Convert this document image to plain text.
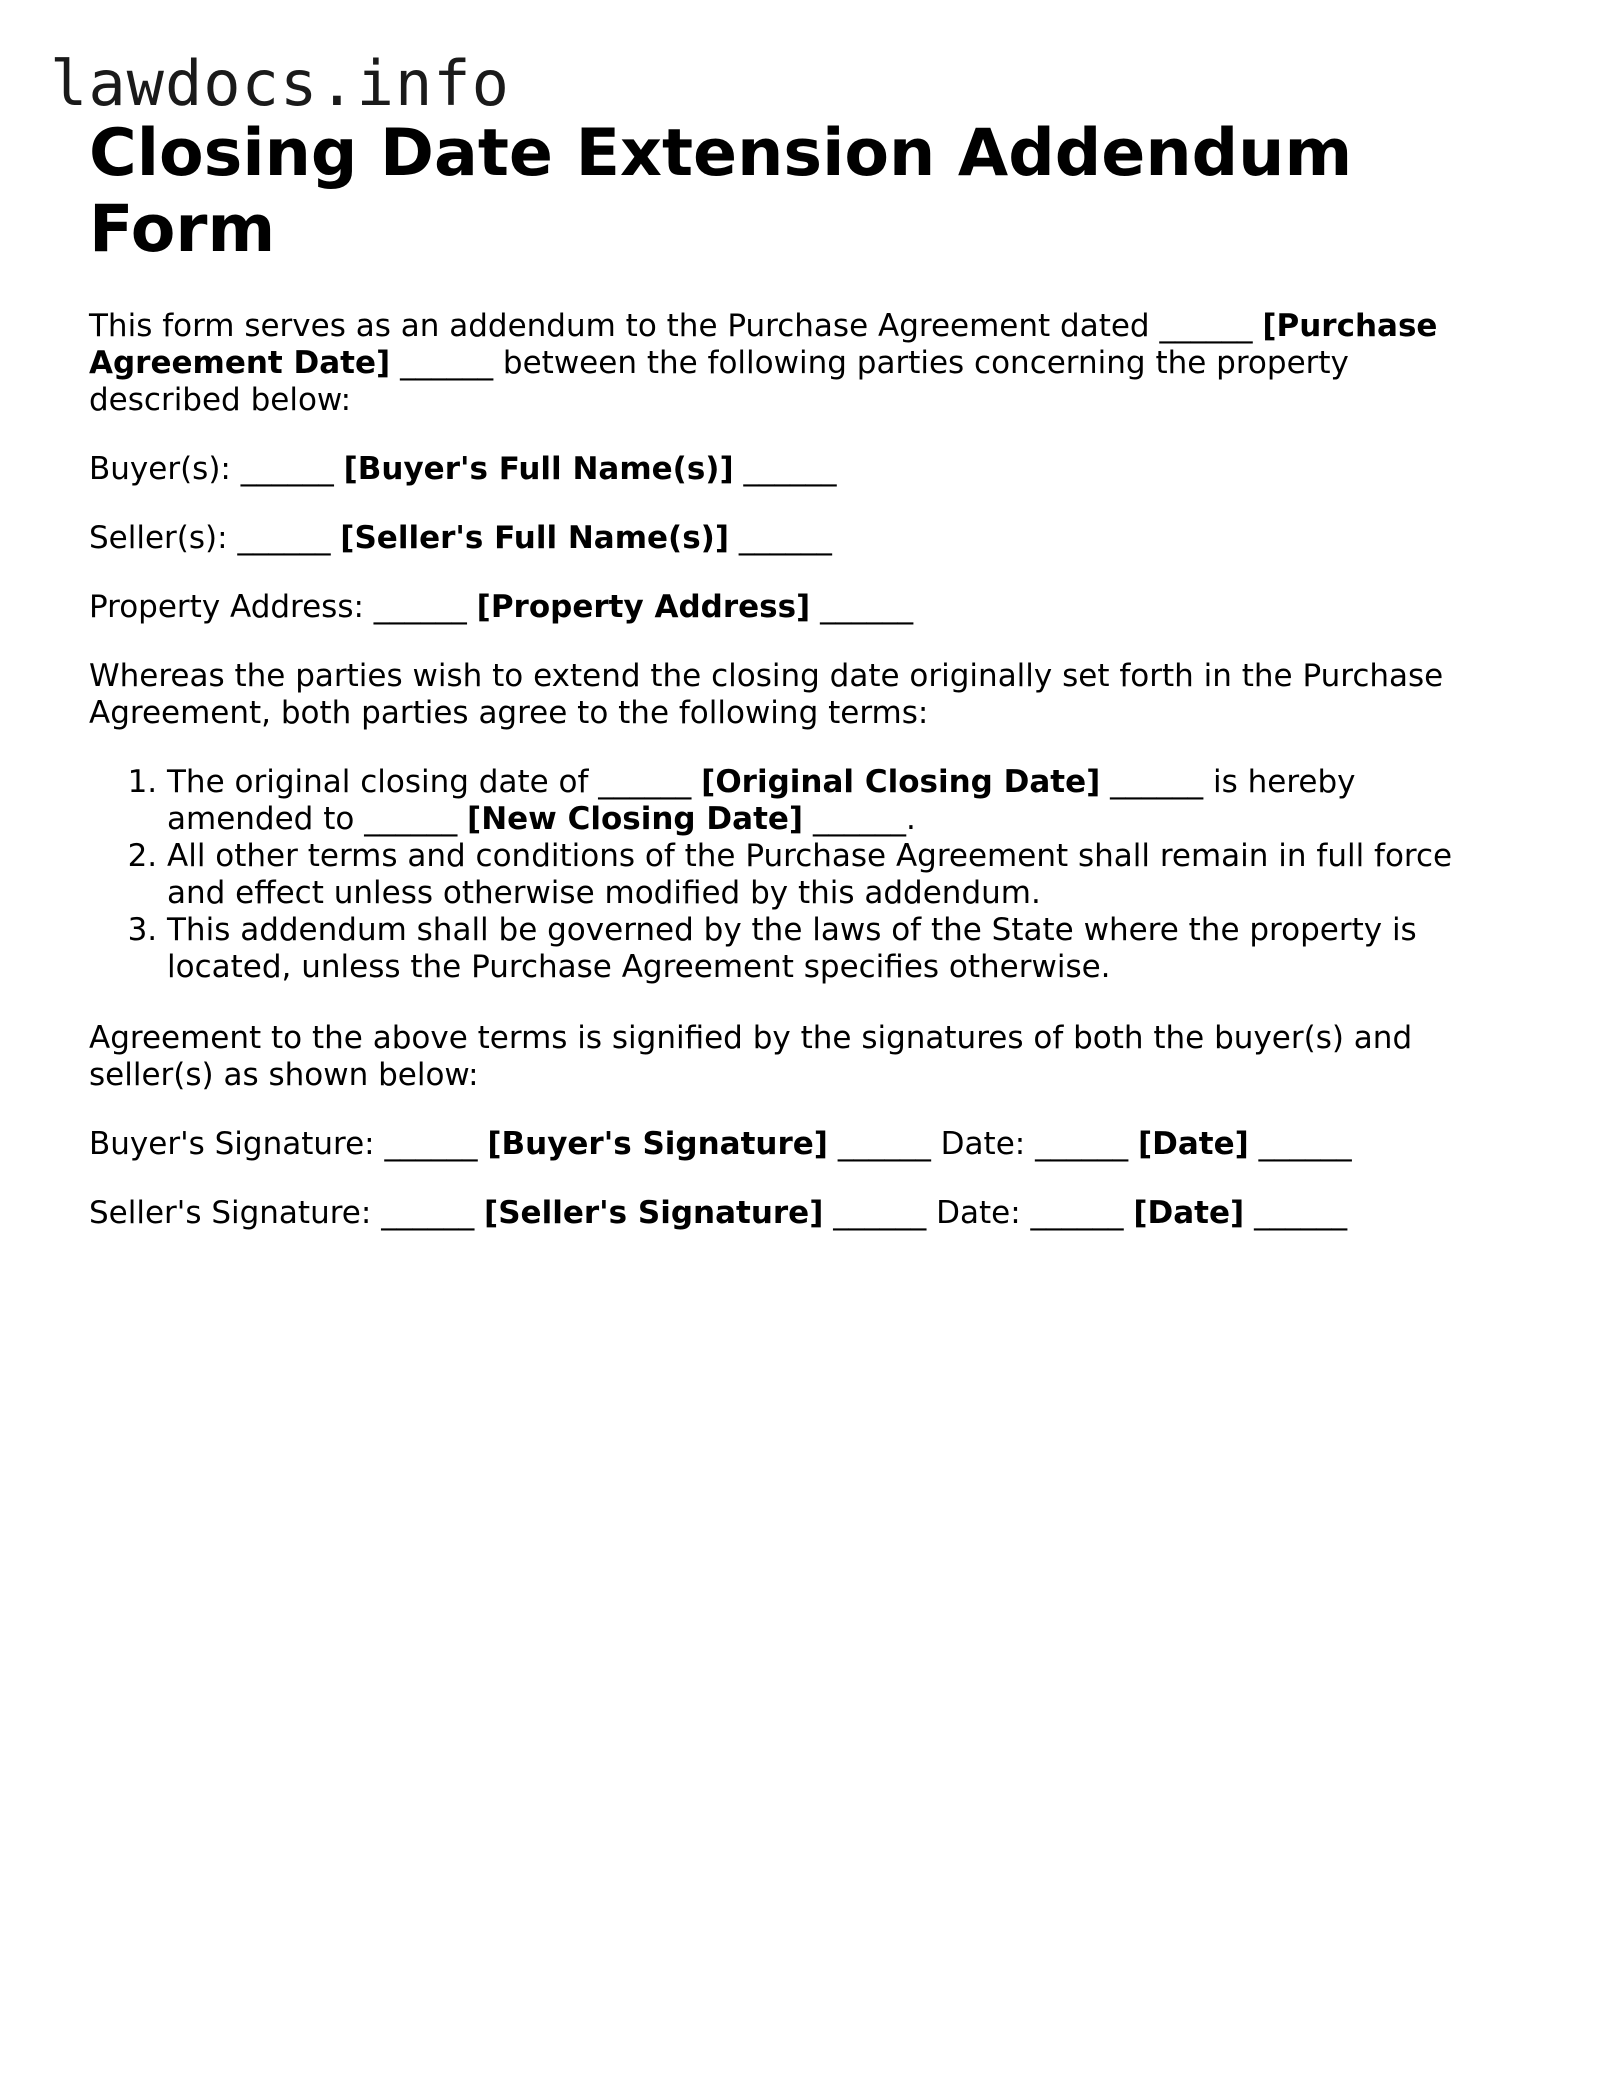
lawdocs.info
Closing Date Extension Addendum Form

This form serves as an addendum to the Purchase Agreement dated ______ [Purchase Agreement Date] ______ between the following parties concerning the property described below:

Buyer(s): ______ [Buyer's Full Name(s)] ______

Seller(s): ______ [Seller's Full Name(s)] ______

Property Address: ______ [Property Address] ______

Whereas the parties wish to extend the closing date originally set forth in the Purchase Agreement, both parties agree to the following terms:

1. The original closing date of ______ [Original Closing Date] ______ is hereby amended to ______ [New Closing Date] ______.
2. All other terms and conditions of the Purchase Agreement shall remain in full force and effect unless otherwise modified by this addendum.
3. This addendum shall be governed by the laws of the State where the property is located, unless the Purchase Agreement specifies otherwise.

Agreement to the above terms is signified by the signatures of both the buyer(s) and seller(s) as shown below:

Buyer's Signature: ______ [Buyer's Signature] ______ Date: ______ [Date] ______

Seller's Signature: ______ [Seller's Signature] ______ Date: ______ [Date] ______
